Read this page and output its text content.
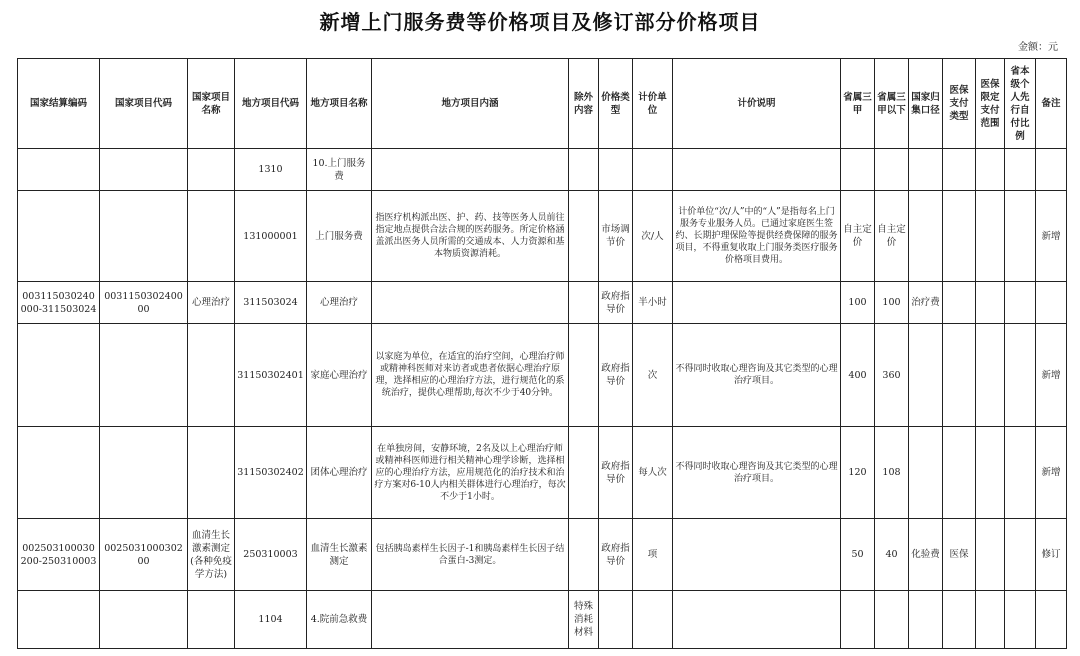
新增上门服务费等价格项目及修订部分价格项目
金额：元
国家结算编码	国家项目代码	国家项目名称	地方项目代码	地方项目名称	地方项目内涵	除外内容	价格类型	计价单位	计价说明	省属三甲	省属三甲以下	国家归集口径	医保支付类型	医保限定支付范围	省本级个人先行自付比例	备注
			1310	10.上门服务费												
			131000001	上门服务费	指医疗机构派出医、护、药、技等医务人员前往指定地点提供合法合规的医药服务。所定价格涵盖派出医务人员所需的交通成本、人力资源和基本物质资源消耗。		市场调节价	次/人	计价单位“次/人”中的“人”是指每名上门服务专业服务人员。已通过家庭医生签约、长期护理保险等提供经费保障的服务项目，不得重复收取上门服务类医疗服务价格项目费用。	自主定价	自主定价					新增
003115030240000-311503024	003115030240000	心理治疗	311503024	心理治疗			政府指导价	半小时		100	100	治疗费				
			31150302401	家庭心理治疗	以家庭为单位，在适宜的治疗空间，心理治疗师或精神科医师对来访者或患者依据心理治疗原理，选择相应的心理治疗方法，进行规范化的系统治疗，提供心理帮助,每次不少于40分钟。		政府指导价	次	不得同时收取心理咨询及其它类型的心理治疗项目。	400	360					新增
			31150302402	团体心理治疗	在单独房间，安静环境，2名及以上心理治疗师或精神科医师进行相关精神心理学诊断，选择相应的心理治疗方法，应用规范化的治疗技术和治疗方案对6-10人内相关群体进行心理治疗，每次不少于1小时。		政府指导价	每人次	不得同时收取心理咨询及其它类型的心理治疗项目。	120	108					新增
002503100030200-250310003	002503100030200	血清生长激素测定(各种免疫学方法)	250310003	血清生长激素测定	包括胰岛素样生长因子-1和胰岛素样生长因子结合蛋白-3测定。		政府指导价	项		50	40	化验费	医保			修订
			1104	4.院前急救费		特殊消耗材料										
